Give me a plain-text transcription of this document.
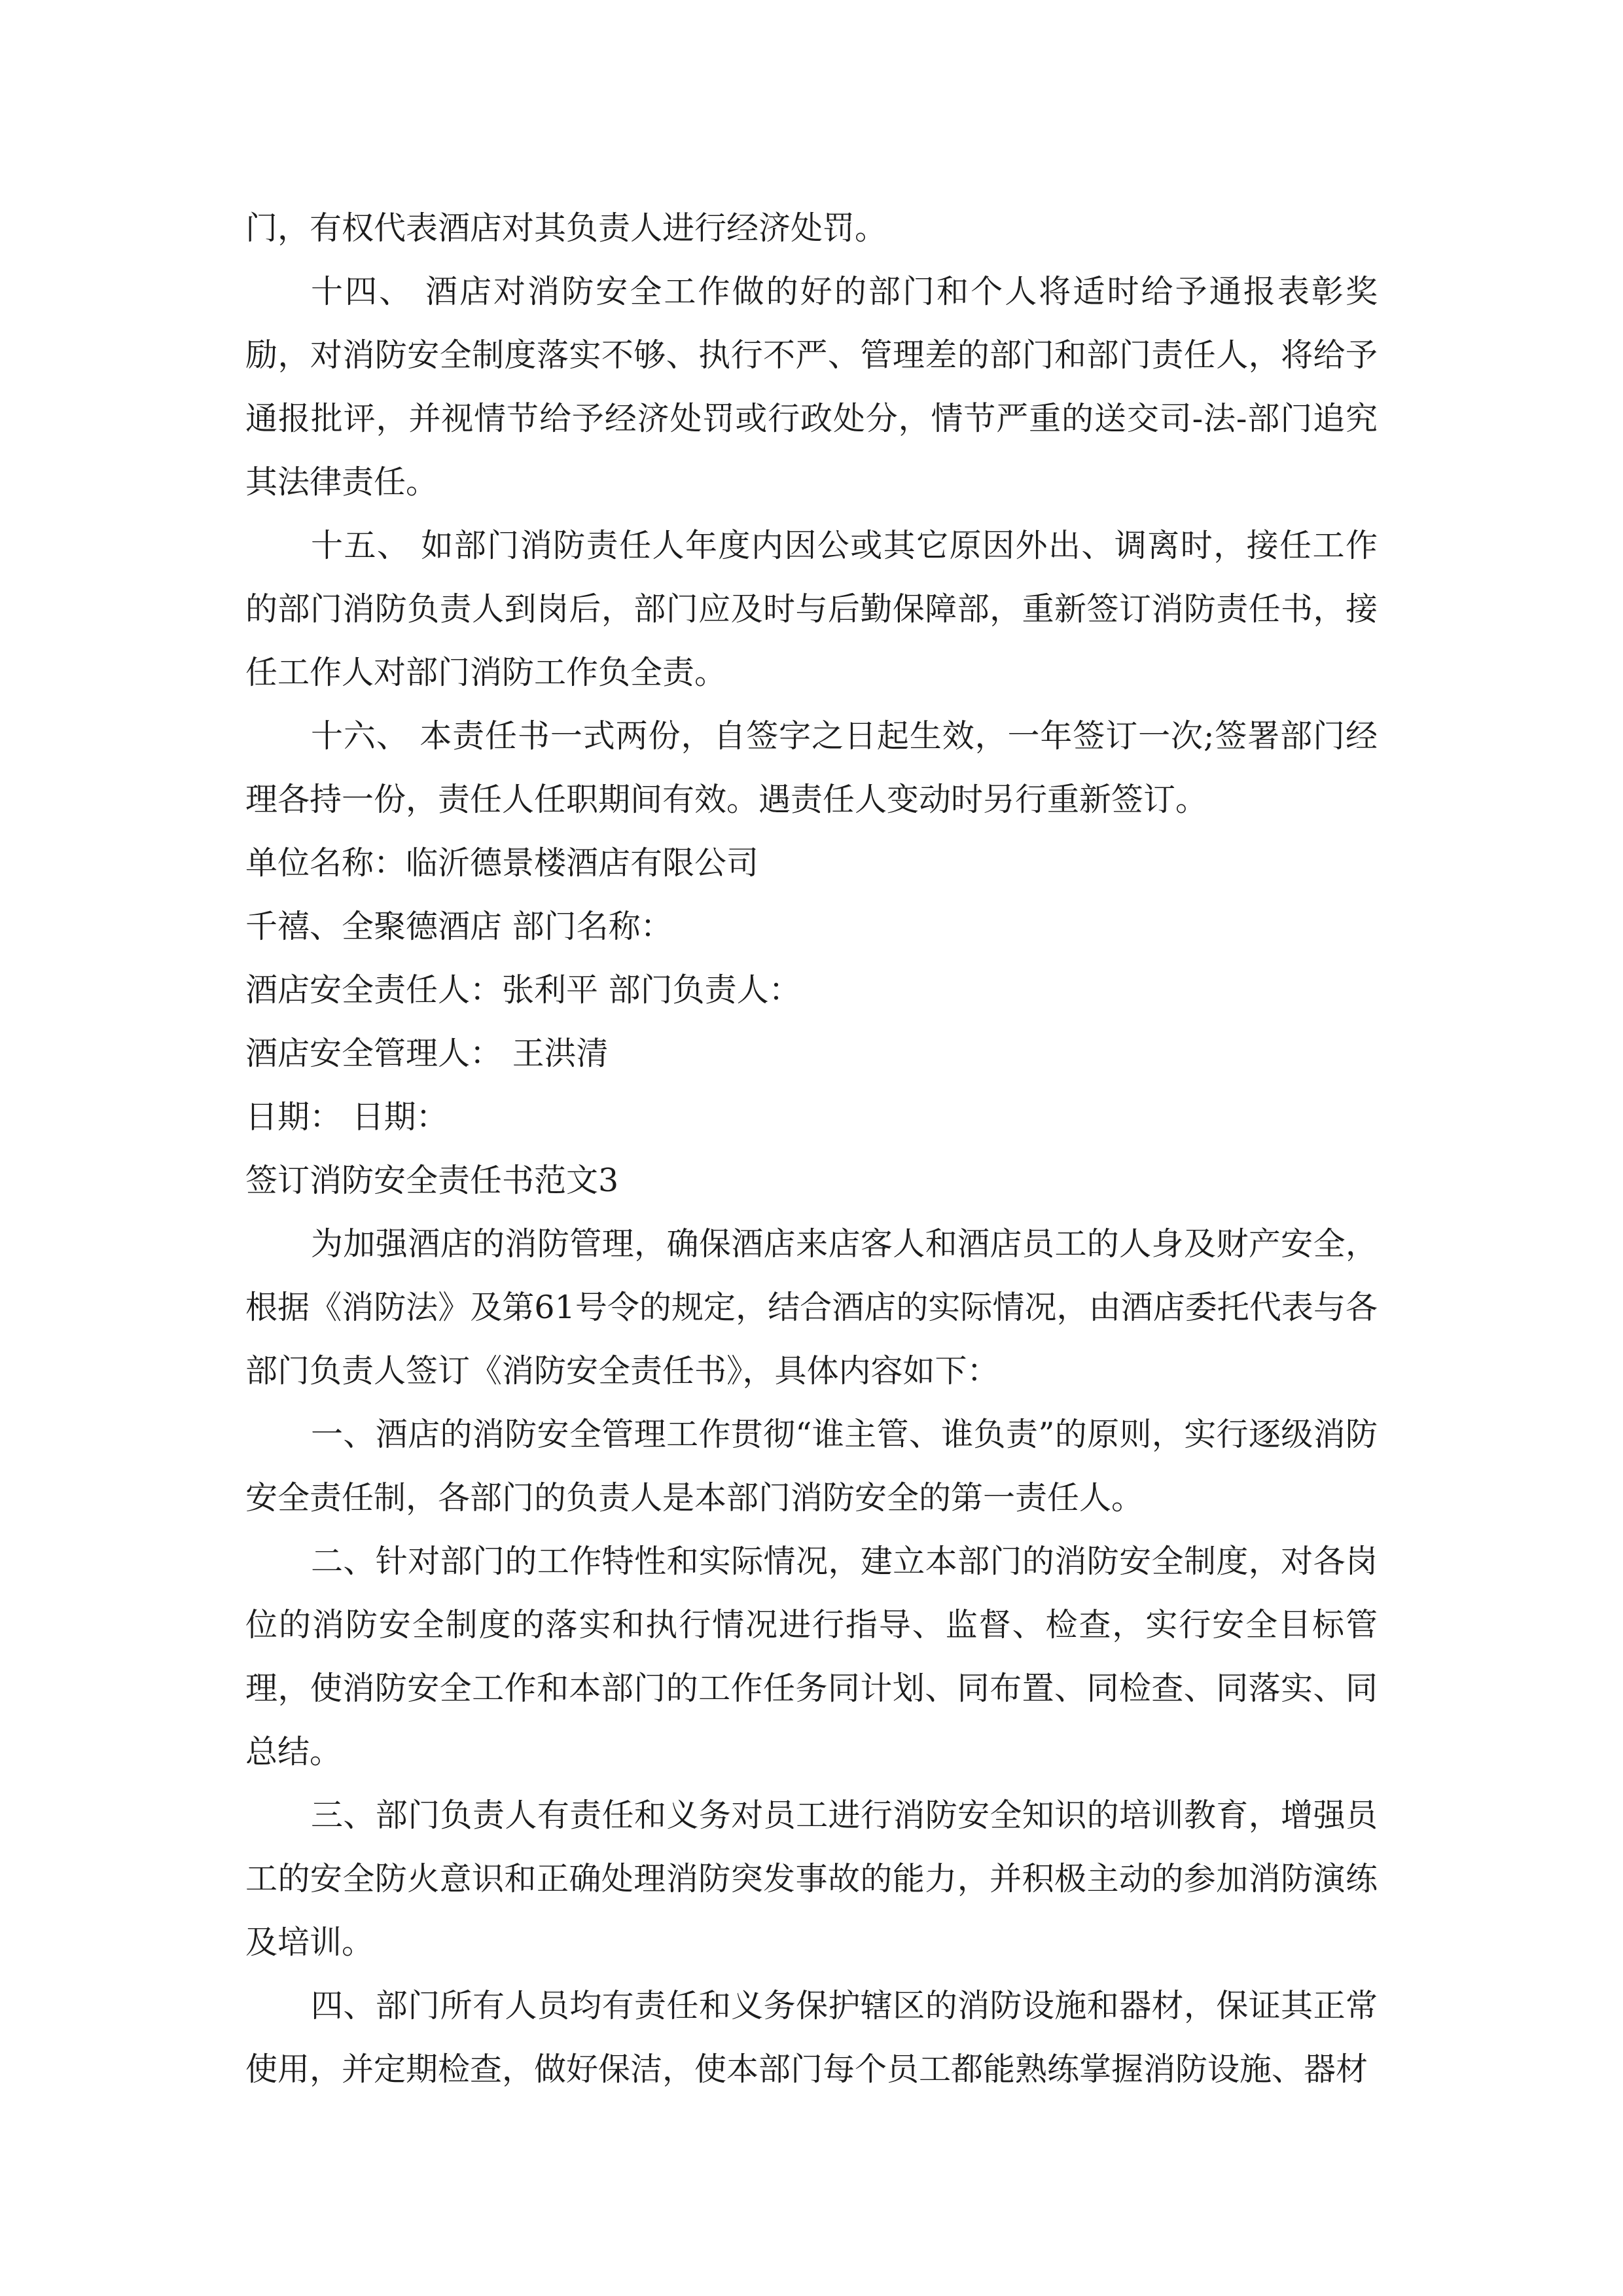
门，有权代表酒店对其负责人进行经济处罚。

十四、 酒店对消防安全工作做的好的部门和个人将适时给予通报表彰奖励，对消防安全制度落实不够、执行不严、管理差的部门和部门责任人，将给予通报批评，并视情节给予经济处罚或行政处分，情节严重的送交司-法-部门追究其法律责任。

十五、 如部门消防责任人年度内因公或其它原因外出、调离时，接任工作的部门消防负责人到岗后，部门应及时与后勤保障部，重新签订消防责任书，接任工作人对部门消防工作负全责。

十六、 本责任书一式两份，自签字之日起生效，一年签订一次;签署部门经理各持一份，责任人任职期间有效。遇责任人变动时另行重新签订。

单位名称：临沂德景楼酒店有限公司

千禧、全聚德酒店 部门名称：

酒店安全责任人：张利平 部门负责人：

酒店安全管理人： 王洪清

日期： 日期：

签订消防安全责任书范文3

为加强酒店的消防管理，确保酒店来店客人和酒店员工的人身及财产安全，根据《消防法》及第61号令的规定，结合酒店的实际情况，由酒店委托代表与各部门负责人签订《消防安全责任书》，具体内容如下：

一、酒店的消防安全管理工作贯彻“谁主管、谁负责”的原则，实行逐级消防安全责任制，各部门的负责人是本部门消防安全的第一责任人。

二、针对部门的工作特性和实际情况，建立本部门的消防安全制度，对各岗位的消防安全制度的落实和执行情况进行指导、监督、检查，实行安全目标管理，使消防安全工作和本部门的工作任务同计划、同布置、同检查、同落实、同总结。

三、部门负责人有责任和义务对员工进行消防安全知识的培训教育，增强员工的安全防火意识和正确处理消防突发事故的能力，并积极主动的参加消防演练及培训。

四、部门所有人员均有责任和义务保护辖区的消防设施和器材，保证其正常使用，并定期检查，做好保洁，使本部门每个员工都能熟练掌握消防设施、器材
